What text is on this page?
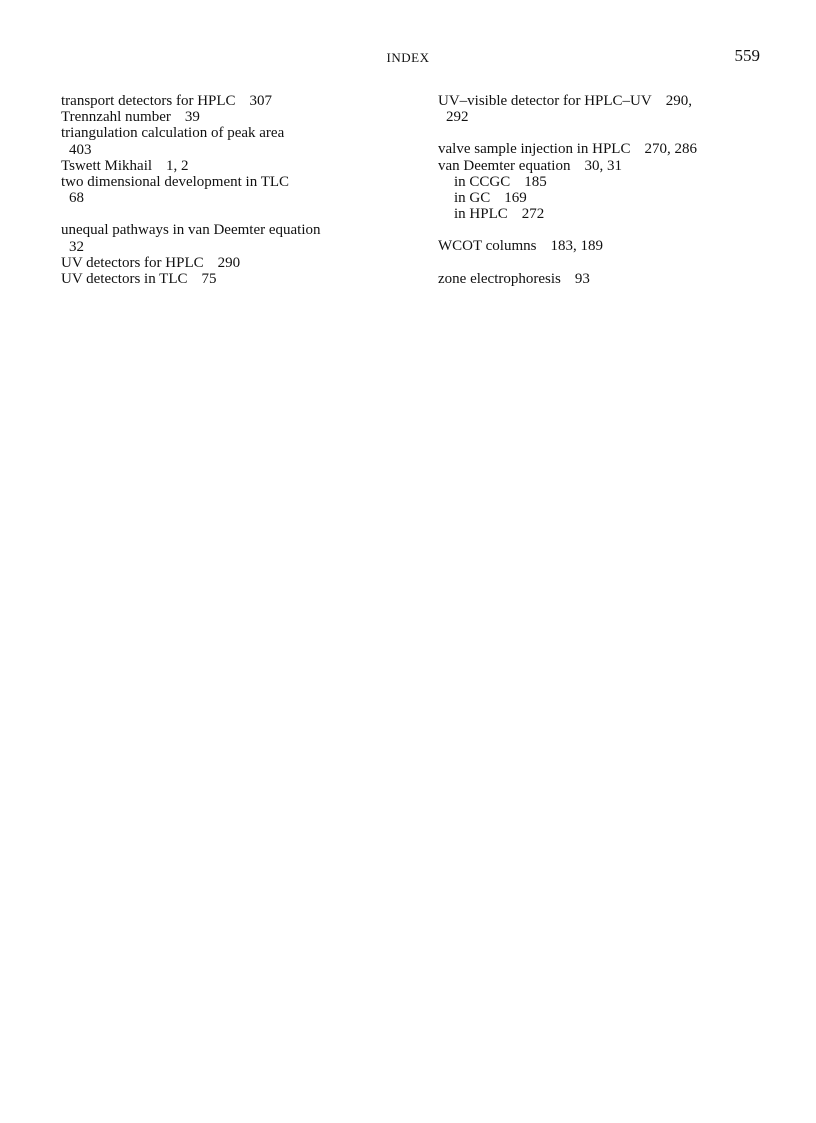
INDEX	559
transport detectors for HPLC 307
Trennzahl number 39
triangulation calculation of peak area
403
Tswett Mikhail 1, 2
two dimensional development in TLC
68
unequal pathways in van Deemter equation
32
UV detectors for HPLC 290
UV detectors in TLC 75
UV–visible detector for HPLC–UV 290,
292
valve sample injection in HPLC 270, 286
van Deemter equation 30, 31
in CCGC 185
in GC 169
in HPLC 272
WCOT columns 183, 189
zone electrophoresis 93
